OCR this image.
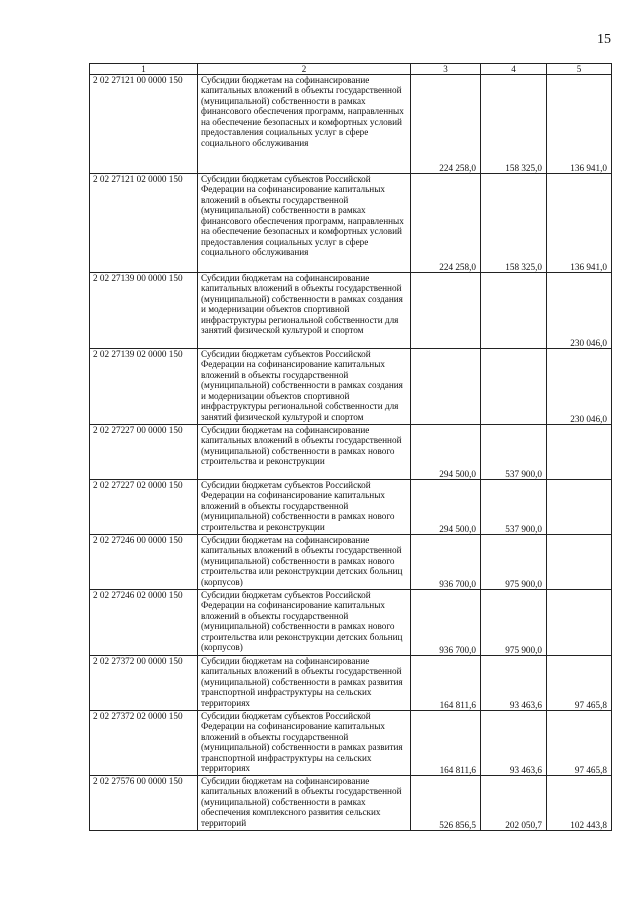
15
1	2	3	4	5
2 02 27121 00 0000 150	Субсидии бюджетам на софинансирование капитальных вложений в объекты государственной (муниципальной) собственности в рамках финансового обеспечения программ, направленных на обеспечение безопасных и комфортных условий предоставления социальных услуг в сфере социального обслуживания	224 258,0	158 325,0	136 941,0
2 02 27121 02 0000 150	Субсидии бюджетам субъектов Российской Федерации на софинансирование капитальных вложений в объекты государственной (муниципальной) собственности в рамках финансового обеспечения программ, направленных на обеспечение безопасных и комфортных условий предоставления социальных услуг в сфере социального обслуживания	224 258,0	158 325,0	136 941,0
2 02 27139 00 0000 150	Субсидии бюджетам на софинансирование капитальных вложений в объекты государственной (муниципальной) собственности в рамках создания и модернизации объектов спортивной инфраструктуры региональной собственности для занятий физической культурой и спортом			230 046,0
2 02 27139 02 0000 150	Субсидии бюджетам субъектов Российской Федерации на софинансирование капитальных вложений в объекты государственной (муниципальной) собственности в рамках создания и модернизации объектов спортивной инфраструктуры региональной собственности для занятий физической культурой и спортом			230 046,0
2 02 27227 00 0000 150	Субсидии бюджетам на софинансирование капитальных вложений в объекты государственной (муниципальной) собственности в рамках нового строительства и реконструкции	294 500,0	537 900,0	
2 02 27227 02 0000 150	Субсидии бюджетам субъектов Российской Федерации на софинансирование капитальных вложений в объекты государственной (муниципальной) собственности в рамках нового строительства и реконструкции	294 500,0	537 900,0	
2 02 27246 00 0000 150	Субсидии бюджетам на софинансирование капитальных вложений в объекты государственной (муниципальной) собственности в рамках нового строительства или реконструкции детских больниц (корпусов)	936 700,0	975 900,0	
2 02 27246 02 0000 150	Субсидии бюджетам субъектов Российской Федерации на софинансирование капитальных вложений в объекты государственной (муниципальной) собственности в рамках нового строительства или реконструкции детских больниц (корпусов)	936 700,0	975 900,0	
2 02 27372 00 0000 150	Субсидии бюджетам на софинансирование капитальных вложений в объекты государственной (муниципальной) собственности в рамках развития транспортной инфраструктуры на сельских территориях	164 811,6	93 463,6	97 465,8
2 02 27372 02 0000 150	Субсидии бюджетам субъектов Российской Федерации на софинансирование капитальных вложений в объекты государственной (муниципальной) собственности в рамках развития транспортной инфраструктуры на сельских территориях	164 811,6	93 463,6	97 465,8
2 02 27576 00 0000 150	Субсидии бюджетам на софинансирование капитальных вложений в объекты государственной (муниципальной) собственности в рамках обеспечения комплексного развития сельских территорий	526 856,5	202 050,7	102 443,8
